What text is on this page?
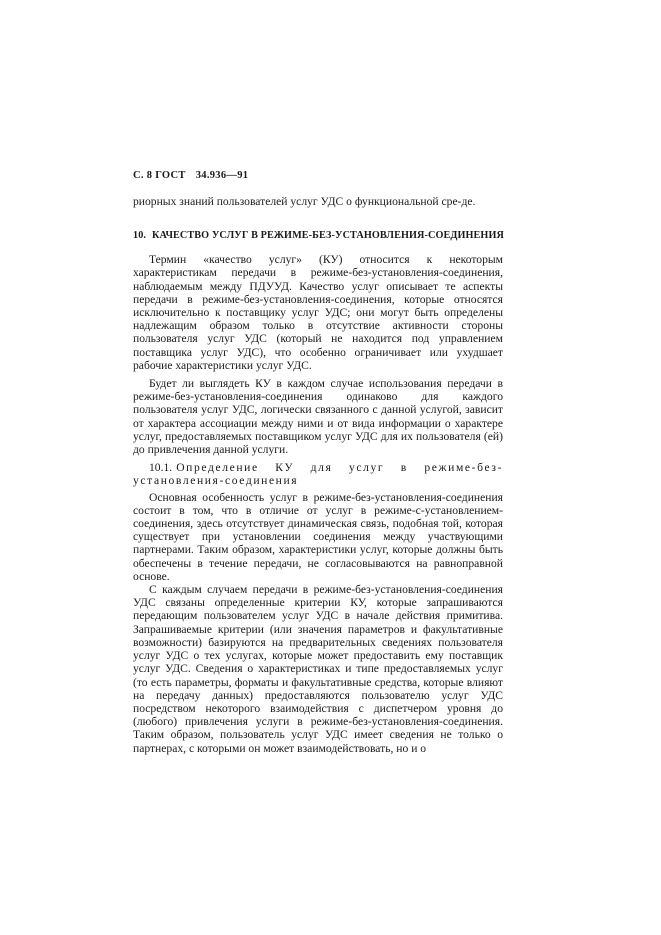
С. 8 ГОСТ 34.936—91

риорных знаний пользователей услуг УДС о функциональной сре-де.

10. КАЧЕСТВО УСЛУГ В РЕЖИМЕ-БЕЗ-УСТАНОВЛЕНИЯ-СОЕДИНЕНИЯ

Термин «качество услуг» (КУ) относится к некоторым характеристикам передачи в режиме-без-установления-соединения, наблюдаемым между ПДУУД. Качество услуг описывает те аспекты передачи в режиме-без-установления-соединения, которые относятся исключительно к поставщику услуг УДС; они могут быть определены надлежащим образом только в отсутствие активности стороны пользователя услуг УДС (который не находится под управлением поставщика услуг УДС), что особенно ограничивает или ухудшает рабочие характеристики услуг УДС.

Будет ли выглядеть КУ в каждом случае использования передачи в режиме-без-установления-соединения одинаково для каждого пользователя услуг УДС, логически связанного с данной услугой, зависит от характера ассоциации между ними и от вида информации о характере услуг, предоставляемых поставщиком услуг УДС для их пользователя (ей) до привлечения данной услуги.

10.1. Определение КУ для услуг в режиме-без-установления-соединения

Основная особенность услуг в режиме-без-установления-соединения состоит в том, что в отличие от услуг в режиме-с-установлением-соединения, здесь отсутствует динамическая связь, подобная той, которая существует при установлении соединения между участвующими партнерами. Таким образом, характеристики услуг, которые должны быть обеспечены в течение передачи, не согласовываются на равноправной основе.

С каждым случаем передачи в режиме-без-установления-соединения УДС связаны определенные критерии КУ, которые запрашиваются передающим пользователем услуг УДС в начале действия примитива. Запрашиваемые критерии (или значения параметров и факультативные возможности) базируются на предварительных сведениях пользователя услуг УДС о тех услугах, которые может предоставить ему поставщик услуг УДС. Сведения о характеристиках и типе предоставляемых услуг (то есть параметры, форматы и факультативные средства, которые влияют на передачу данных) предоставляются пользователю услуг УДС посредством некоторого взаимодействия с диспетчером уровня до (любого) привлечения услуги в режиме-без-установления-соединения. Таким образом, пользователь услуг УДС имеет сведения не только о партнерах, с которыми он может взаимодействовать, но и о
